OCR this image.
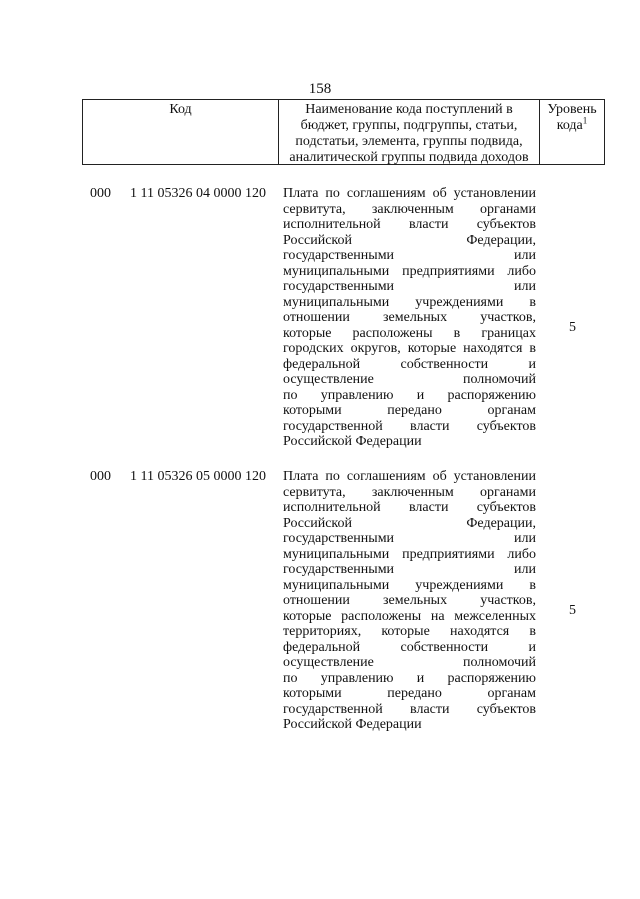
158
Код	Наименование кода поступлений в
бюджет, группы, подгруппы, статьи,
подстатьи, элемента, группы подвида,
аналитической группы подвида доходов
Уровень
кода$^1$
000 1 11 05326 04 0000 120 Плата по соглашениям об установлении
сервитута, заключенным органами
исполнительной власти субъектов
Российской Федерации,
государственными или
муниципальными предприятиями либо
государственными или
муниципальными учреждениями в
отношении земельных участков,
которые расположены в границах
городских округов, которые находятся в
федеральной собственности и
осуществление полномочий
по управлению и распоряжению
которыми передано органам
государственной власти субъектов
Российской Федерации
5
000 1 11 05326 05 0000 120 Плата по соглашениям об установлении
сервитута, заключенным органами
исполнительной власти субъектов
Российской Федерации,
государственными или
муниципальными предприятиями либо
государственными или
муниципальными учреждениями в
отношении земельных участков,
которые расположены на межселенных
территориях, которые находятся в
федеральной собственности и
осуществление полномочий
по управлению и распоряжению
которыми передано органам
государственной власти субъектов
Российской Федерации
5
